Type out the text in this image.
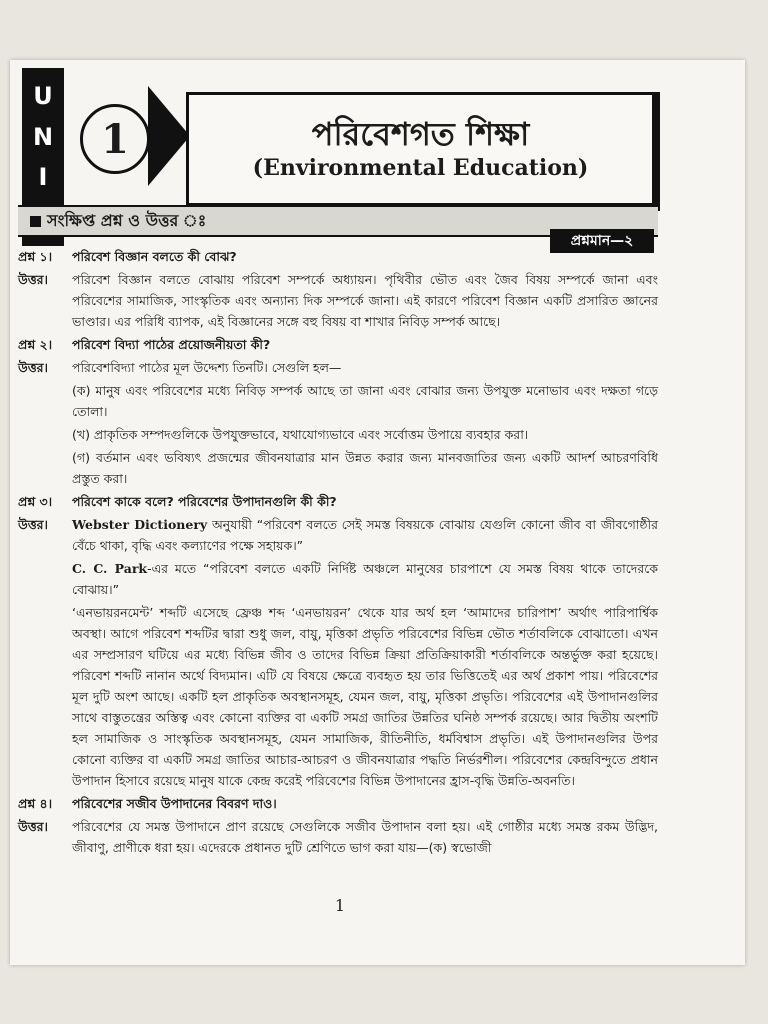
U
N
I
1	পরিবেশগত শিক্ষা
(Environmental Education)
সংক্ষিপ্ত প্রশ্ন ও উত্তর ঃ
প্রশ্নমান—২
প্রশ্ন ১।	পরিবেশ বিজ্ঞান বলতে কী বোঝ?
উত্তর।	পরিবেশ বিজ্ঞান বলতে বোঝায় পরিবেশ সম্পর্কে অধ্যায়ন। পৃথিবীর ভৌত এবং জৈব বিষয় সম্পর্কে জানা এবং পরিবেশের সামাজিক, সাংস্কৃতিক এবং অন্যান্য দিক সম্পর্কে জানা। এই কারণে পরিবেশ বিজ্ঞান একটি প্রসারিত জ্ঞানের ভাণ্ডার। এর পরিধি ব্যাপক, এই বিজ্ঞানের সঙ্গে বহু বিষয় বা শাখার নিবিড় সম্পর্ক আছে।
প্রশ্ন ২।	পরিবেশ বিদ্যা পাঠের প্রয়োজনীয়তা কী?
উত্তর।	পরিবেশবিদ্যা পাঠের মূল উদ্দেশ্য তিনটি। সেগুলি হল—
(ক) মানুষ এবং পরিবেশের মধ্যে নিবিড় সম্পর্ক আছে তা জানা এবং বোঝার জন্য উপযুক্ত মনোভাব এবং দক্ষতা গড়ে তোলা।
(খ) প্রাকৃতিক সম্পদগুলিকে উপযুক্তভাবে, যথাযোগ্যভাবে এবং সর্বোত্তম উপায়ে ব্যবহার করা।
(গ) বর্তমান এবং ভবিষ্যৎ প্রজন্মের জীবনযাত্রার মান উন্নত করার জন্য মানবজাতির জন্য একটি আদর্শ আচরণবিধি প্রস্তুত করা।
প্রশ্ন ৩।	পরিবেশ কাকে বলে? পরিবেশের উপাদানগুলি কী কী?
উত্তর।	Webster Dictionery অনুযায়ী “পরিবেশ বলতে সেই সমস্ত বিষয়কে বোঝায় যেগুলি কোনো জীব বা জীবগোষ্ঠীর বেঁচে থাকা, বৃদ্ধি এবং কল্যাণের পক্ষে সহায়ক।”
C. C. Park-এর মতে “পরিবেশ বলতে একটি নির্দিষ্ট অঞ্চলে মানুষের চারপাশে যে সমস্ত বিষয় থাকে তাদেরকে বোঝায়।”
‘এনভায়রনমেন্ট’ শব্দটি এসেছে ফ্রেঞ্চ শব্দ ‘এনভায়রন’ থেকে যার অর্থ হল ‘আমাদের চারিপাশ’ অর্থাৎ পারিপার্শ্বিক অবস্থা। আগে পরিবেশ শব্দটির দ্বারা শুধু জল, বায়ু, মৃত্তিকা প্রভৃতি পরিবেশের বিভিন্ন ভৌত শর্তাবলিকে বোঝাতো। এখন এর সম্প্রসারণ ঘটিয়ে এর মধ্যে বিভিন্ন জীব ও তাদের বিভিন্ন ক্রিয়া প্রতিক্রিয়াকারী শর্তাবলিকে অন্তর্ভুক্ত করা হয়েছে। পরিবেশ শব্দটি নানান অর্থে বিদ্যমান। এটি যে বিষয়ে ক্ষেত্রে ব্যবহৃত হয় তার ভিত্তিতেই এর অর্থ প্রকাশ পায়। পরিবেশের মূল দুটি অংশ আছে। একটি হল প্রাকৃতিক অবস্থানসমূহ, যেমন জল, বায়ু, মৃত্তিকা প্রভৃতি। পরিবেশের এই উপাদানগুলির সাথে বাস্তুতন্ত্রের অস্তিত্ব এবং কোনো ব্যক্তির বা একটি সমগ্র জাতির উন্নতির ঘনিষ্ঠ সম্পর্ক রয়েছে। আর দ্বিতীয় অংশটি হল সামাজিক ও সাংস্কৃতিক অবস্থানসমূহ, যেমন সামাজিক, রীতিনীতি, ধর্মবিশ্বাস প্রভৃতি। এই উপাদানগুলির উপর কোনো ব্যক্তির বা একটি সমগ্র জাতির আচার-আচরণ ও জীবনযাত্রার পদ্ধতি নির্ভরশীল। পরিবেশের কেন্দ্রবিন্দুতে প্রধান উপাদান হিসাবে রয়েছে মানুষ যাকে কেন্দ্র করেই পরিবেশের বিভিন্ন উপাদানের হ্রাস-বৃদ্ধি উন্নতি-অবনতি।
প্রশ্ন ৪।	পরিবেশের সজীব উপাদানের বিবরণ দাও।
উত্তর।	পরিবেশের যে সমস্ত উপাদানে প্রাণ রয়েছে সেগুলিকে সজীব উপাদান বলা হয়। এই গোষ্ঠীর মধ্যে সমস্ত রকম উদ্ভিদ, জীবাণু, প্রাণীকে ধরা হয়। এদেরকে প্রধানত দুটি শ্রেণিতে ভাগ করা যায়—(ক) স্বভোজী
1
